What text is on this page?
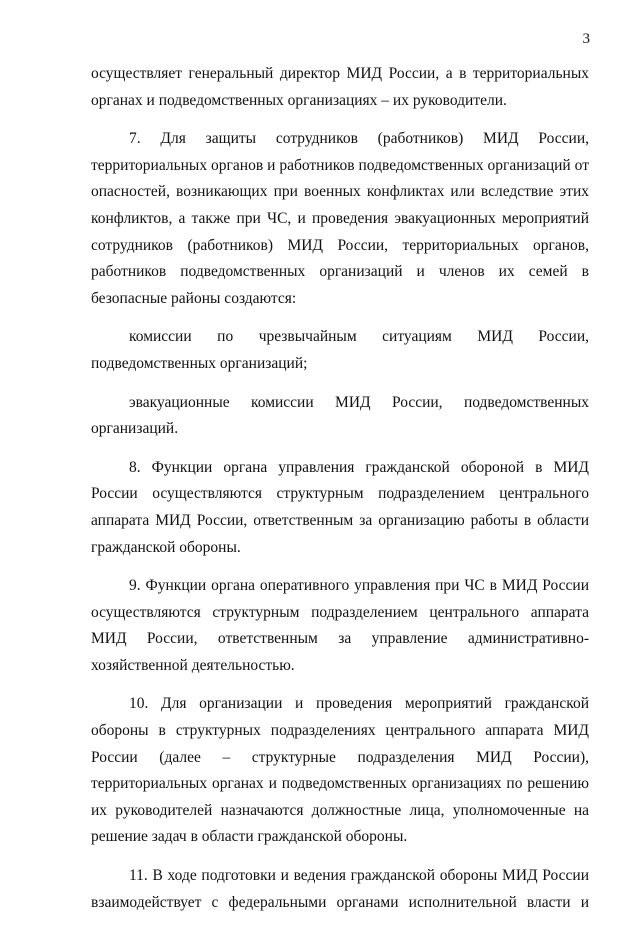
3

осуществляет генеральный директор МИД России, а в территориальных органах и подведомственных организациях – их руководители.

7. Для защиты сотрудников (работников) МИД России, территориальных органов и работников подведомственных организаций от опасностей, возникающих при военных конфликтах или вследствие этих конфликтов, а также при ЧС, и проведения эвакуационных мероприятий сотрудников (работников) МИД России, территориальных органов, работников подведомственных организаций и членов их семей в безопасные районы создаются:

комиссии по чрезвычайным ситуациям МИД России, подведомственных организаций;

эвакуационные комиссии МИД России, подведомственных организаций.

8. Функции органа управления гражданской обороной в МИД России осуществляются структурным подразделением центрального аппарата МИД России, ответственным за организацию работы в области гражданской обороны.

9. Функции органа оперативного управления при ЧС в МИД России осуществляются структурным подразделением центрального аппарата МИД России, ответственным за управление административно-хозяйственной деятельностью.

10. Для организации и проведения мероприятий гражданской обороны в структурных подразделениях центрального аппарата МИД России (далее – структурные подразделения МИД России), территориальных органах и подведомственных организациях по решению их руководителей назначаются должностные лица, уполномоченные на решение задач в области гражданской обороны.

11. В ходе подготовки и ведения гражданской обороны МИД России взаимодействует с федеральными органами исполнительной власти и
